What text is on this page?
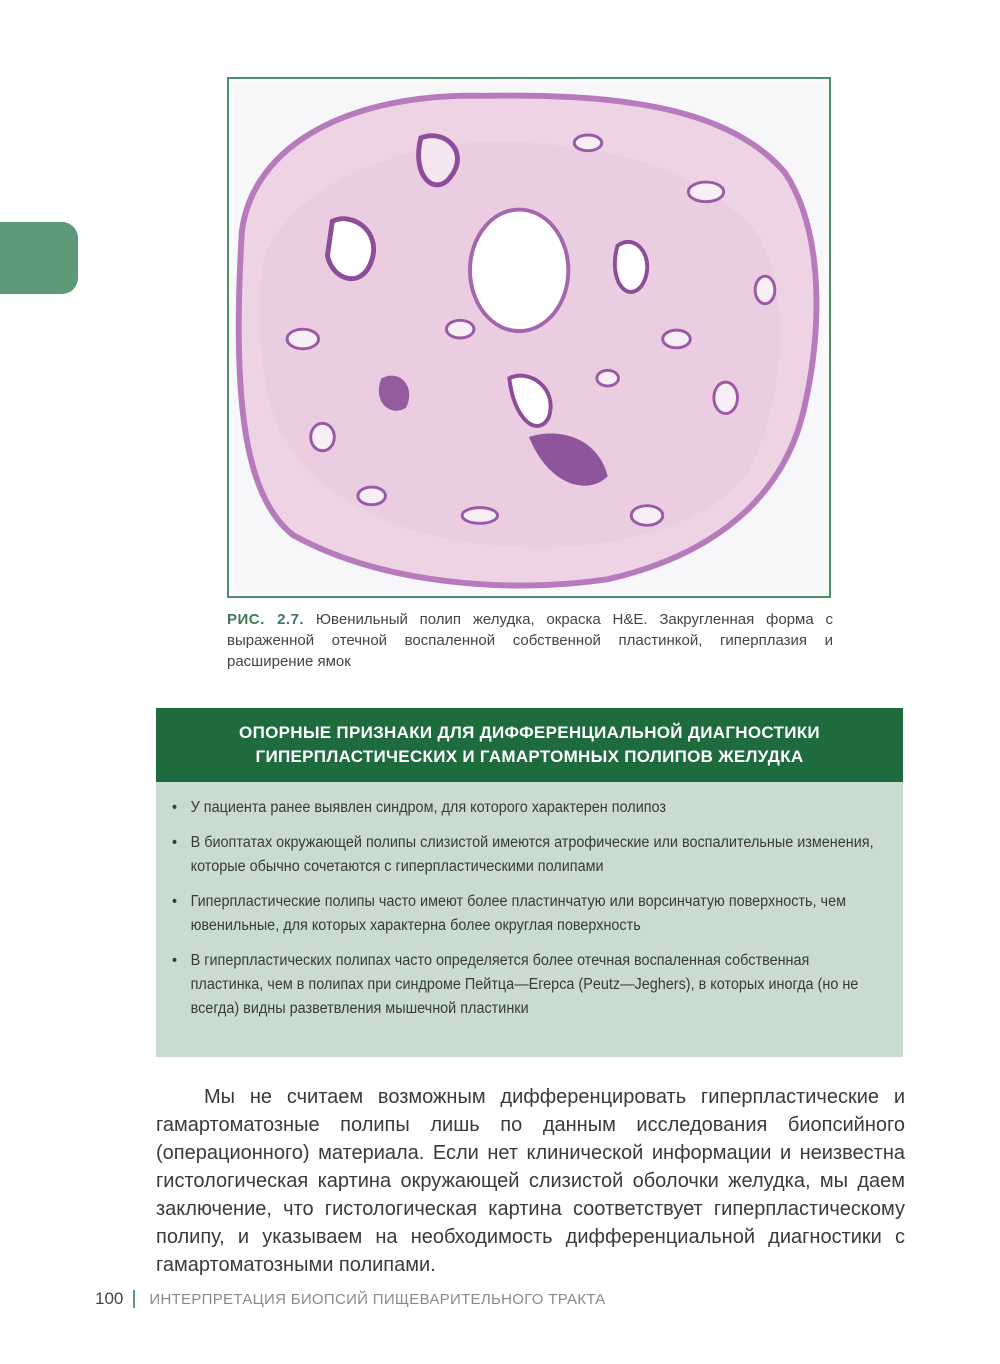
РИС. 2.7. Ювенильный полип желудка, окраска H&E. Закругленная форма с выраженной отечной воспаленной собственной пластинкой, гиперплазия и расширение ямок
ОПОРНЫЕ ПРИЗНАКИ ДЛЯ ДИФФЕРЕНЦИАЛЬНОЙ ДИАГНОСТИКИ
ГИПЕРПЛАСТИЧЕСКИХ И ГАМАРТОМНЫХ ПОЛИПОВ ЖЕЛУДКА
• У пациента ранее выявлен синдром, для которого характерен полипоз
• В биоптатах окружающей полипы слизистой имеются атрофические или воспалительные изменения, которые обычно сочетаются с гиперпластическими полипами
• Гиперпластические полипы часто имеют более пластинчатую или ворсинчатую поверхность, чем ювенильные, для которых характерна более округлая поверхность
• В гиперпластических полипах часто определяется более отечная воспаленная собственная пластинка, чем в полипах при синдроме Пейтца—Егерса (Peutz—Jeghers), в которых иногда (но не всегда) видны разветвления мышечной пластинки

Мы не считаем возможным дифференцировать гиперпластические и гамартоматозные полипы лишь по данным исследования биопсийного (операционного) материала. Если нет клинической информации и неизвестна гистологическая картина окружающей слизистой оболочки желудка, мы даем заключение, что гистологическая картина соответствует гиперпластическому полипу, и указываем на необходимость дифференциальной диагностики с гамартоматозными полипами.

100 ИНТЕРПРЕТАЦИЯ БИОПСИЙ ПИЩЕВАРИТЕЛЬНОГО ТРАКТА
